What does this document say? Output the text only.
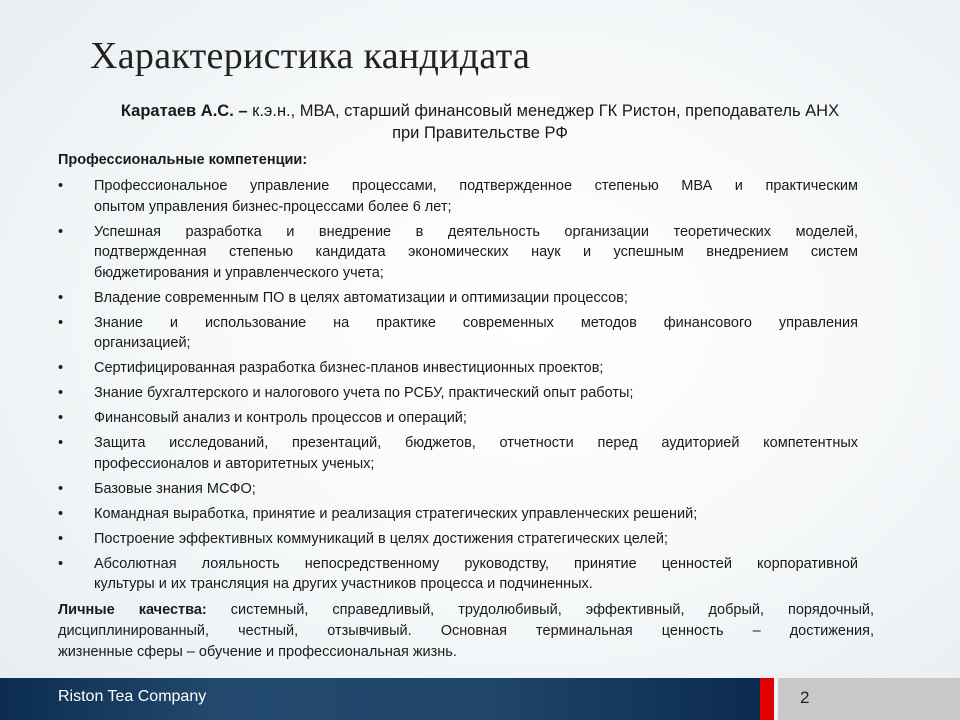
Характеристика кандидата
Каратаев А.С. – к.э.н., МВА, старший финансовый менеджер ГК Ристон, преподаватель АНХ
при Правительстве РФ
Профессиональные компетенции:
• Профессиональное управление процессами, подтвержденное степенью МВА и практическим
опытом управления бизнес-процессами более 6 лет;
• Успешная разработка и внедрение в деятельность организации теоретических моделей,
подтвержденная степенью кандидата экономических наук и успешным внедрением систем
бюджетирования и управленческого учета;
• Владение современным ПО в целях автоматизации и оптимизации процессов;
• Знание и использование на практике современных методов финансового управления
организацией;
• Сертифицированная разработка бизнес-планов инвестиционных проектов;
• Знание бухгалтерского и налогового учета по РСБУ, практический опыт работы;
• Финансовый анализ и контроль процессов и операций;
• Защита исследований, презентаций, бюджетов, отчетности перед аудиторией компетентных
профессионалов и авторитетных ученых;
• Базовые знания МСФО;
• Командная выработка, принятие и реализация стратегических управленческих решений;
• Построение эффективных коммуникаций в целях достижения стратегических целей;
• Абсолютная лояльность непосредственному руководству, принятие ценностей корпоративной
культуры и их трансляция на других участников процесса и подчиненных.
Личные качества: системный, справедливый, трудолюбивый, эффективный, добрый, порядочный,
дисциплинированный, честный, отзывчивый. Основная терминальная ценность – достижения,
жизненные сферы – обучение и профессиональная жизнь.
Riston Tea Company	2
